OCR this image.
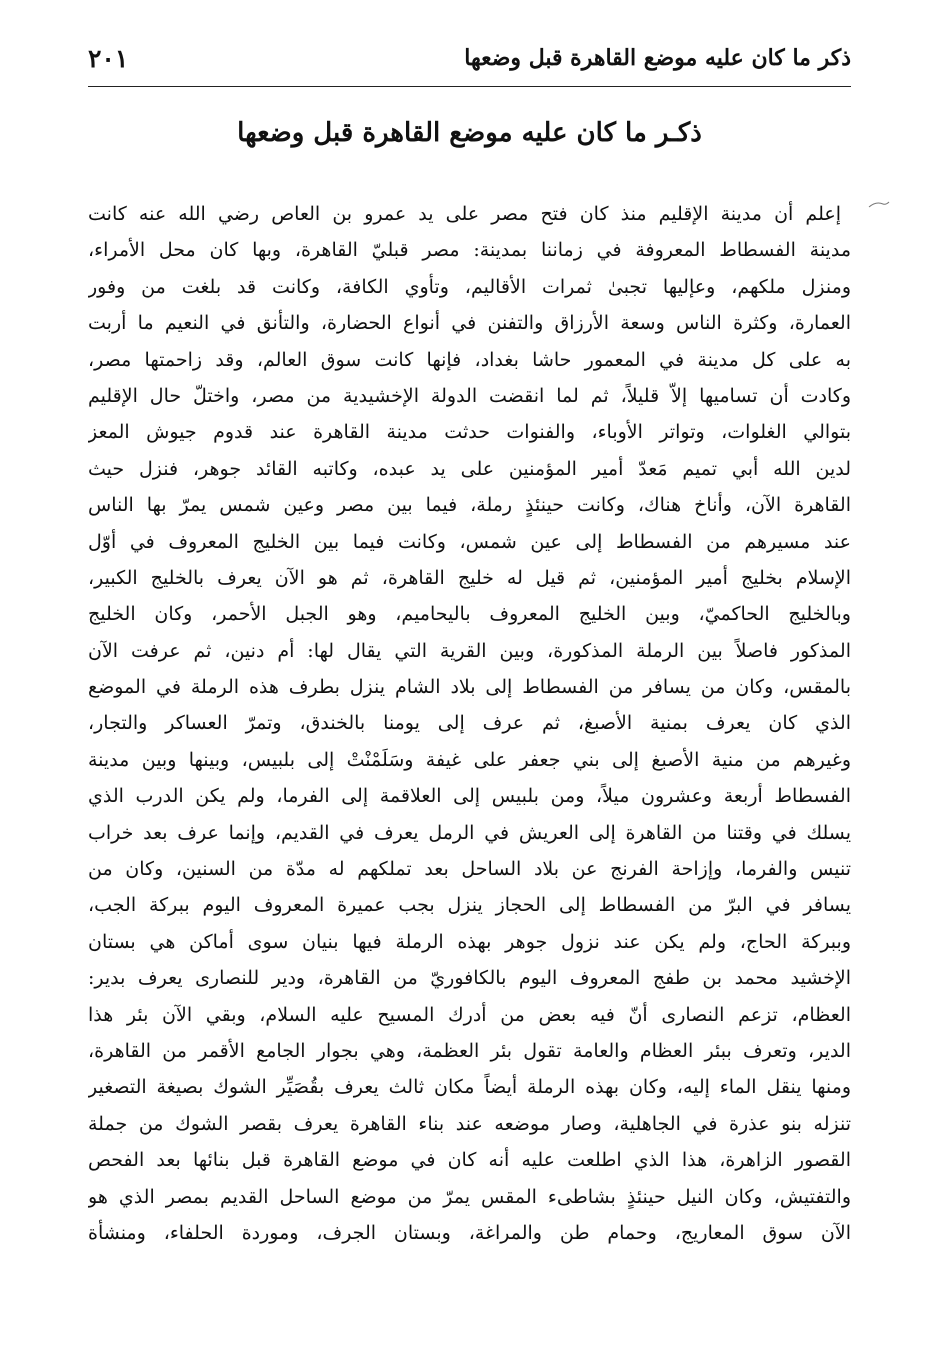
ذكر ما كان عليه موضع القاهرة قبل وضعها
٢٠١
ذكـر ما كان عليه موضع القاهرة قبل وضعها
إعلم أن مدينة الإقليم منذ كان فتح مصر على يد عمرو بن العاص رضي الله عنه كانت
مدينة الفسطاط المعروفة في زماننا بمدينة: مصر قبليّ القاهرة، وبها كان محل الأمراء،
ومنزل ملكهم، وعإليها تجبیٰ ثمرات الأقاليم، وتأوي الكافة، وكانت قد بلغت من وفور
العمارة، وكثرة الناس وسعة الأرزاق والتفنن في أنواع الحضارة، والتأنق في النعيم ما أربت
به على كل مدينة في المعمور حاشا بغداد، فإنها كانت سوق العالم، وقد زاحمتها مصر،
وكادت أن تساميها إلاّ قليلاً، ثم لما انقضت الدولة الإخشيدية من مصر، واختلّ حال الإقليم
بتوالي الغلوات، وتواتر الأوباء، والفنوات حدثت مدينة القاهرة عند قدوم جيوش المعز
لدين الله أبي تميم مَعدّ أمير المؤمنين على يد عبده، وكاتبه القائد جوهر، فنزل حيث
القاهرة الآن، وأناخ هناك، وكانت حينئذٍ رملة، فيما بين مصر وعين شمس يمرّ بها الناس
عند مسيرهم من الفسطاط إلى عين شمس، وكانت فيما بين الخليج المعروف في أوّل
الإسلام بخليج أمير المؤمنين، ثم قيل له خليج القاهرة، ثم هو الآن يعرف بالخليج الكبير،
وبالخليج الحاكميّ، وبين الخليج المعروف باليحاميم، وهو الجبل الأحمر، وكان الخليج
المذكور فاصلاً بين الرملة المذكورة، وبين القرية التي يقال لها: أم دنين، ثم عرفت الآن
بالمقس، وكان من يسافر من الفسطاط إلى بلاد الشام ينزل بطرف هذه الرملة في الموضع
الذي كان يعرف بمنية الأصبغ، ثم عرف إلى يومنا بالخندق، وتمرّ العساكر والتجار،
وغيرهم من منية الأصبغ إلى بني جعفر على غيفة وسَلَمْنْتْ إلى بلبيس، وبينها وبين مدينة
الفسطاط أربعة وعشرون ميلاً، ومن بلبيس إلى العلاقمة إلى الفرما، ولم يكن الدرب الذي
يسلك في وقتنا من القاهرة إلى العريش في الرمل يعرف في القديم، وإنما عرف بعد خراب
تنيس والفرما، وإزاحة الفرنج عن بلاد الساحل بعد تملكهم له مدّة من السنين، وكان من
يسافر في البرّ من الفسطاط إلى الحجاز ينزل بجب عميرة المعروف اليوم ببركة الجب،
وببركة الحاج، ولم يكن عند نزول جوهر بهذه الرملة فيها بنيان سوى أماكن هي بستان
الإخشيد محمد بن طفج المعروف اليوم بالكافوريّ من القاهرة، ودير للنصارى يعرف بدير:
العظام، تزعم النصارى أنّ فيه بعض من أدرك المسيح عليه السلام، وبقي الآن بئر هذا
الدير، وتعرف ببئر العظام والعامة تقول بئر العظمة، وهي بجوار الجامع الأقمر من القاهرة،
ومنها ينقل الماء إليه، وكان بهذه الرملة أيضاً مكان ثالث يعرف بقُصَيِّر الشوك بصيغة التصغير
تنزله بنو عذرة في الجاهلية، وصار موضعه عند بناء القاهرة يعرف بقصر الشوك من جملة
القصور الزاهرة، هذا الذي اطلعت عليه أنه كان في موضع القاهرة قبل بنائها بعد الفحص
والتفتيش، وكان النيل حينئذٍ بشاطىء المقس يمرّ من موضع الساحل القديم بمصر الذي هو
الآن سوق المعاريج، وحمام طن والمراغة، وبستان الجرف، وموردة الحلفاء، ومنشأة
